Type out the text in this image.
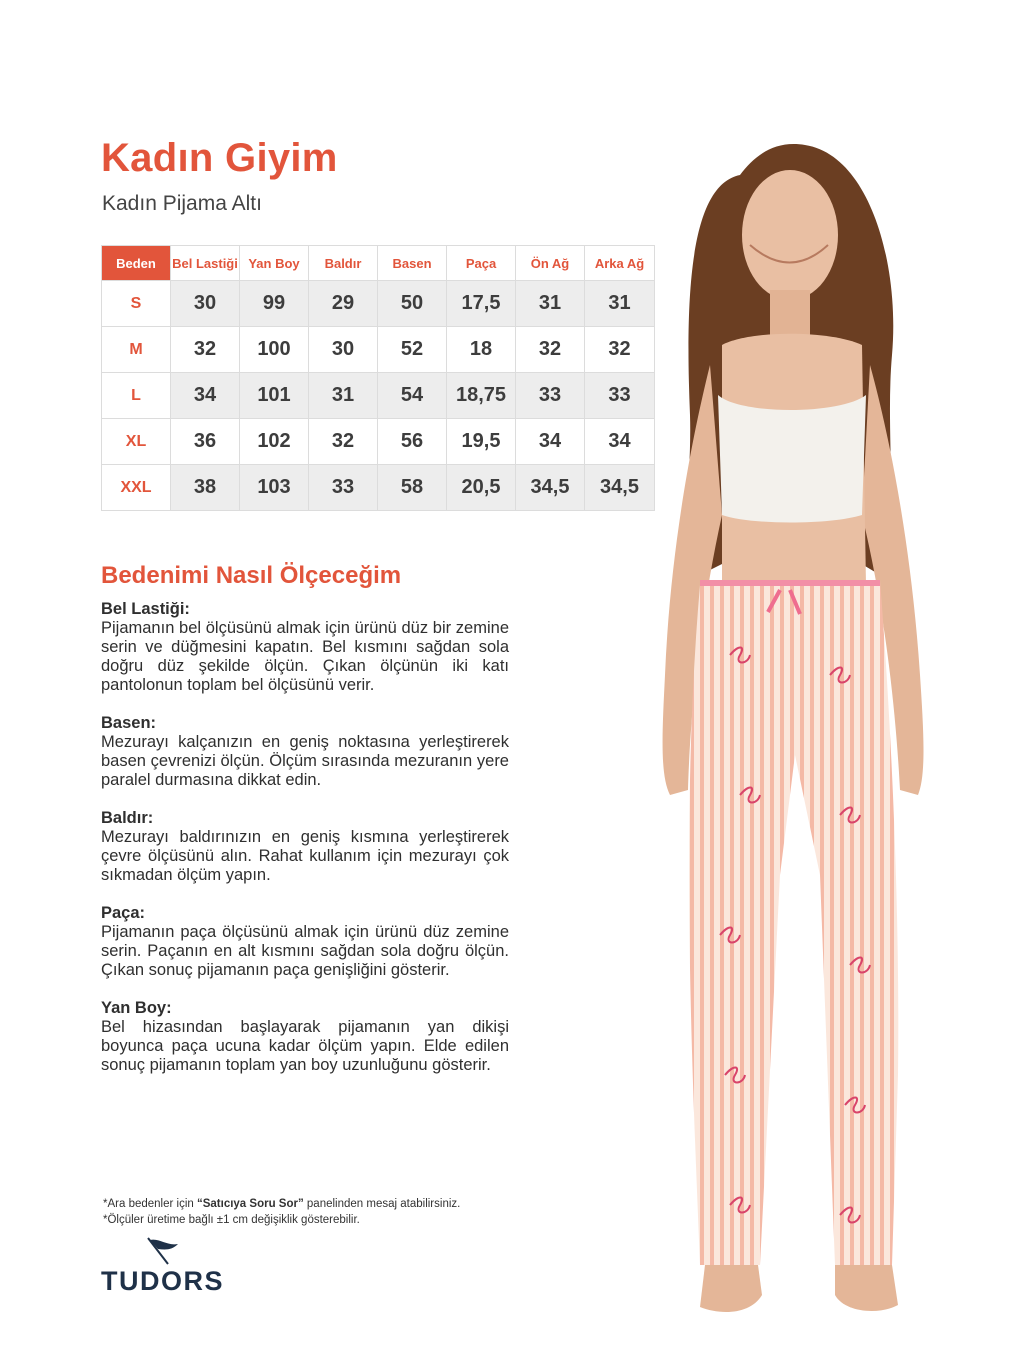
Kadın Giyim
Kadın Pijama Altı
Beden	Bel Lastiği	Yan Boy	Baldır	Basen	Paça	Ön Ağ	Arka Ağ
S	30	99	29	50	17,5	31	31
M	32	100	30	52	18	32	32
L	34	101	31	54	18,75	33	33
XL	36	102	32	56	19,5	34	34
XXL	38	103	33	58	20,5	34,5	34,5
Bedenimi Nasıl Ölçeceğim
Bel Lastiği:
Pijamanın bel ölçüsünü almak için ürünü düz bir zemine serin ve düğmesini kapatın. Bel kısmını sağdan sola doğru düz şekilde ölçün. Çıkan ölçünün iki katı pantolonun toplam bel ölçüsünü verir.
Basen:
Mezurayı kalçanızın en geniş noktasına yerleştirerek basen çevrenizi ölçün. Ölçüm sırasında mezuranın yere paralel durmasına dikkat edin.
Baldır:
Mezurayı baldırınızın en geniş kısmına yerleştirerek çevre ölçüsünü alın. Rahat kullanım için mezurayı çok sıkmadan ölçüm yapın.
Paça:
Pijamanın paça ölçüsünü almak için ürünü düz zemine serin. Paçanın en alt kısmını sağdan sola doğru ölçün. Çıkan sonuç pijamanın paça genişliğini gösterir.
Yan Boy:
Bel hizasından başlayarak pijamanın yan dikişi boyunca paça ucuna kadar ölçüm yapın. Elde edilen sonuç pijamanın toplam yan boy uzunluğunu gösterir.
*Ara bedenler için “Satıcıya Soru Sor” panelinden mesaj atabilirsiniz.
*Ölçüler üretime bağlı ±1 cm değişiklik gösterebilir.
TUDORS
